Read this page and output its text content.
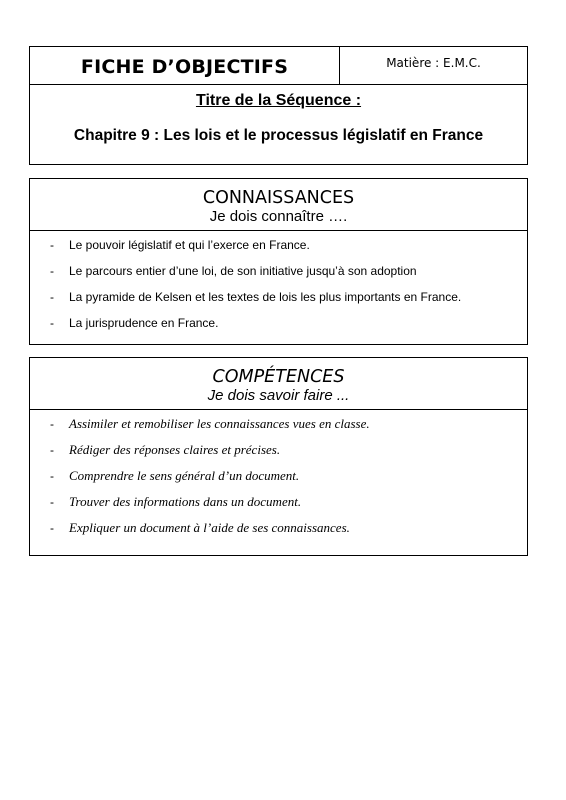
FICHE D’OBJECTIFS	Matière : E.M.C.
Titre de la Séquence :
Chapitre 9 : Les lois et le processus législatif en France
CONNAISSANCES
Je dois connaître ….
-	Le pouvoir législatif et qui l’exerce en France.
-	Le parcours entier d’une loi, de son initiative jusqu’à son adoption
-	La pyramide de Kelsen et les textes de lois les plus importants en France.
-	La jurisprudence en France.
COMPÉTENCES
Je dois savoir faire ...
-	Assimiler et remobiliser les connaissances vues en classe.
-	Rédiger des réponses claires et précises.
-	Comprendre le sens général d’un document.
-	Trouver des informations dans un document.
-	Expliquer un document à l’aide de ses connaissances.
